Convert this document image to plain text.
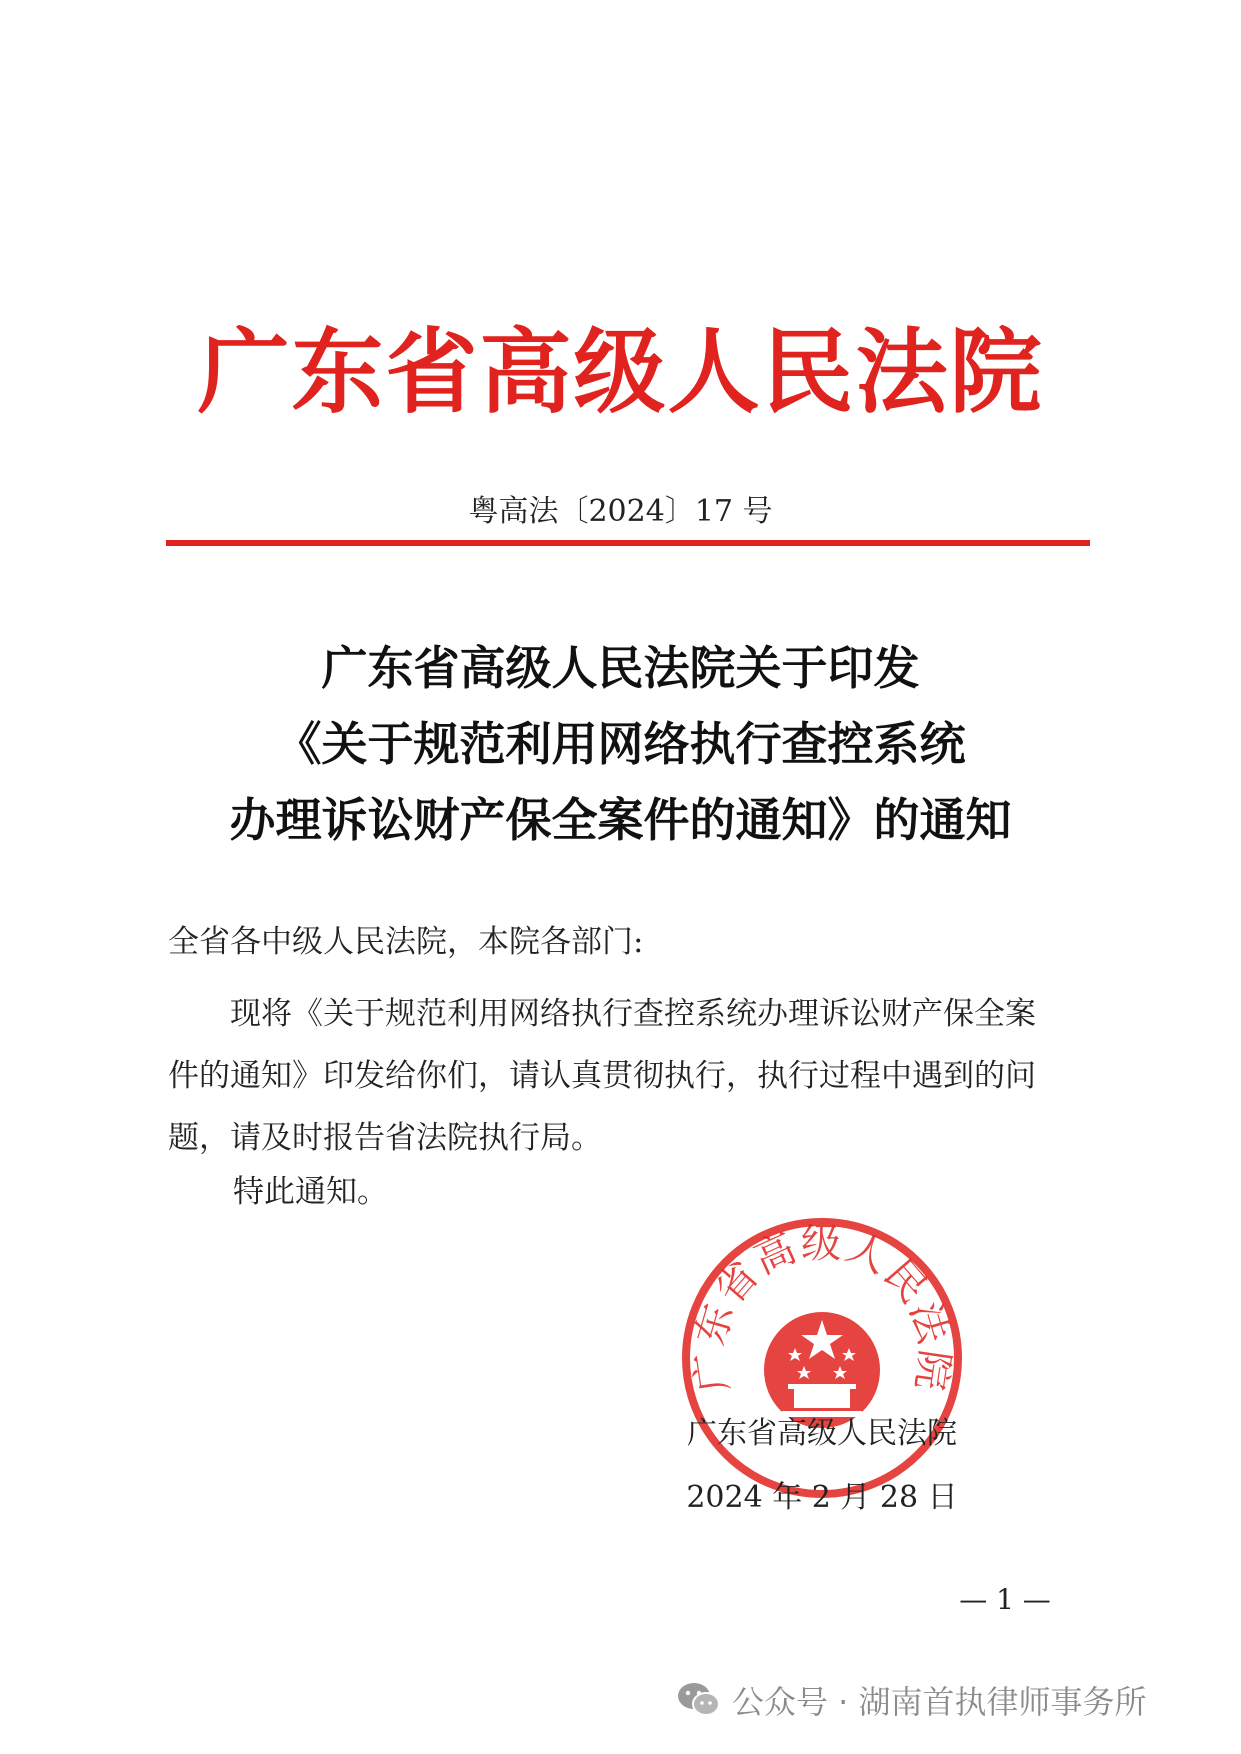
广东省高级人民法院
粤高法〔2024〕17 号
广东省高级人民法院关于印发
《关于规范利用网络执行查控系统
办理诉讼财产保全案件的通知》的通知
全省各中级人民法院，本院各部门:
　　现将《关于规范利用网络执行查控系统办理诉讼财产保全案
件的通知》印发给你们，请认真贯彻执行，执行过程中遇到的问
题，请及时报告省法院执行局。
特此通知。
广东省高级人民法院
广东省高级人民法院
2024 年 2 月 28 日
— 1 —
公众号 · 湖南首执律师事务所
